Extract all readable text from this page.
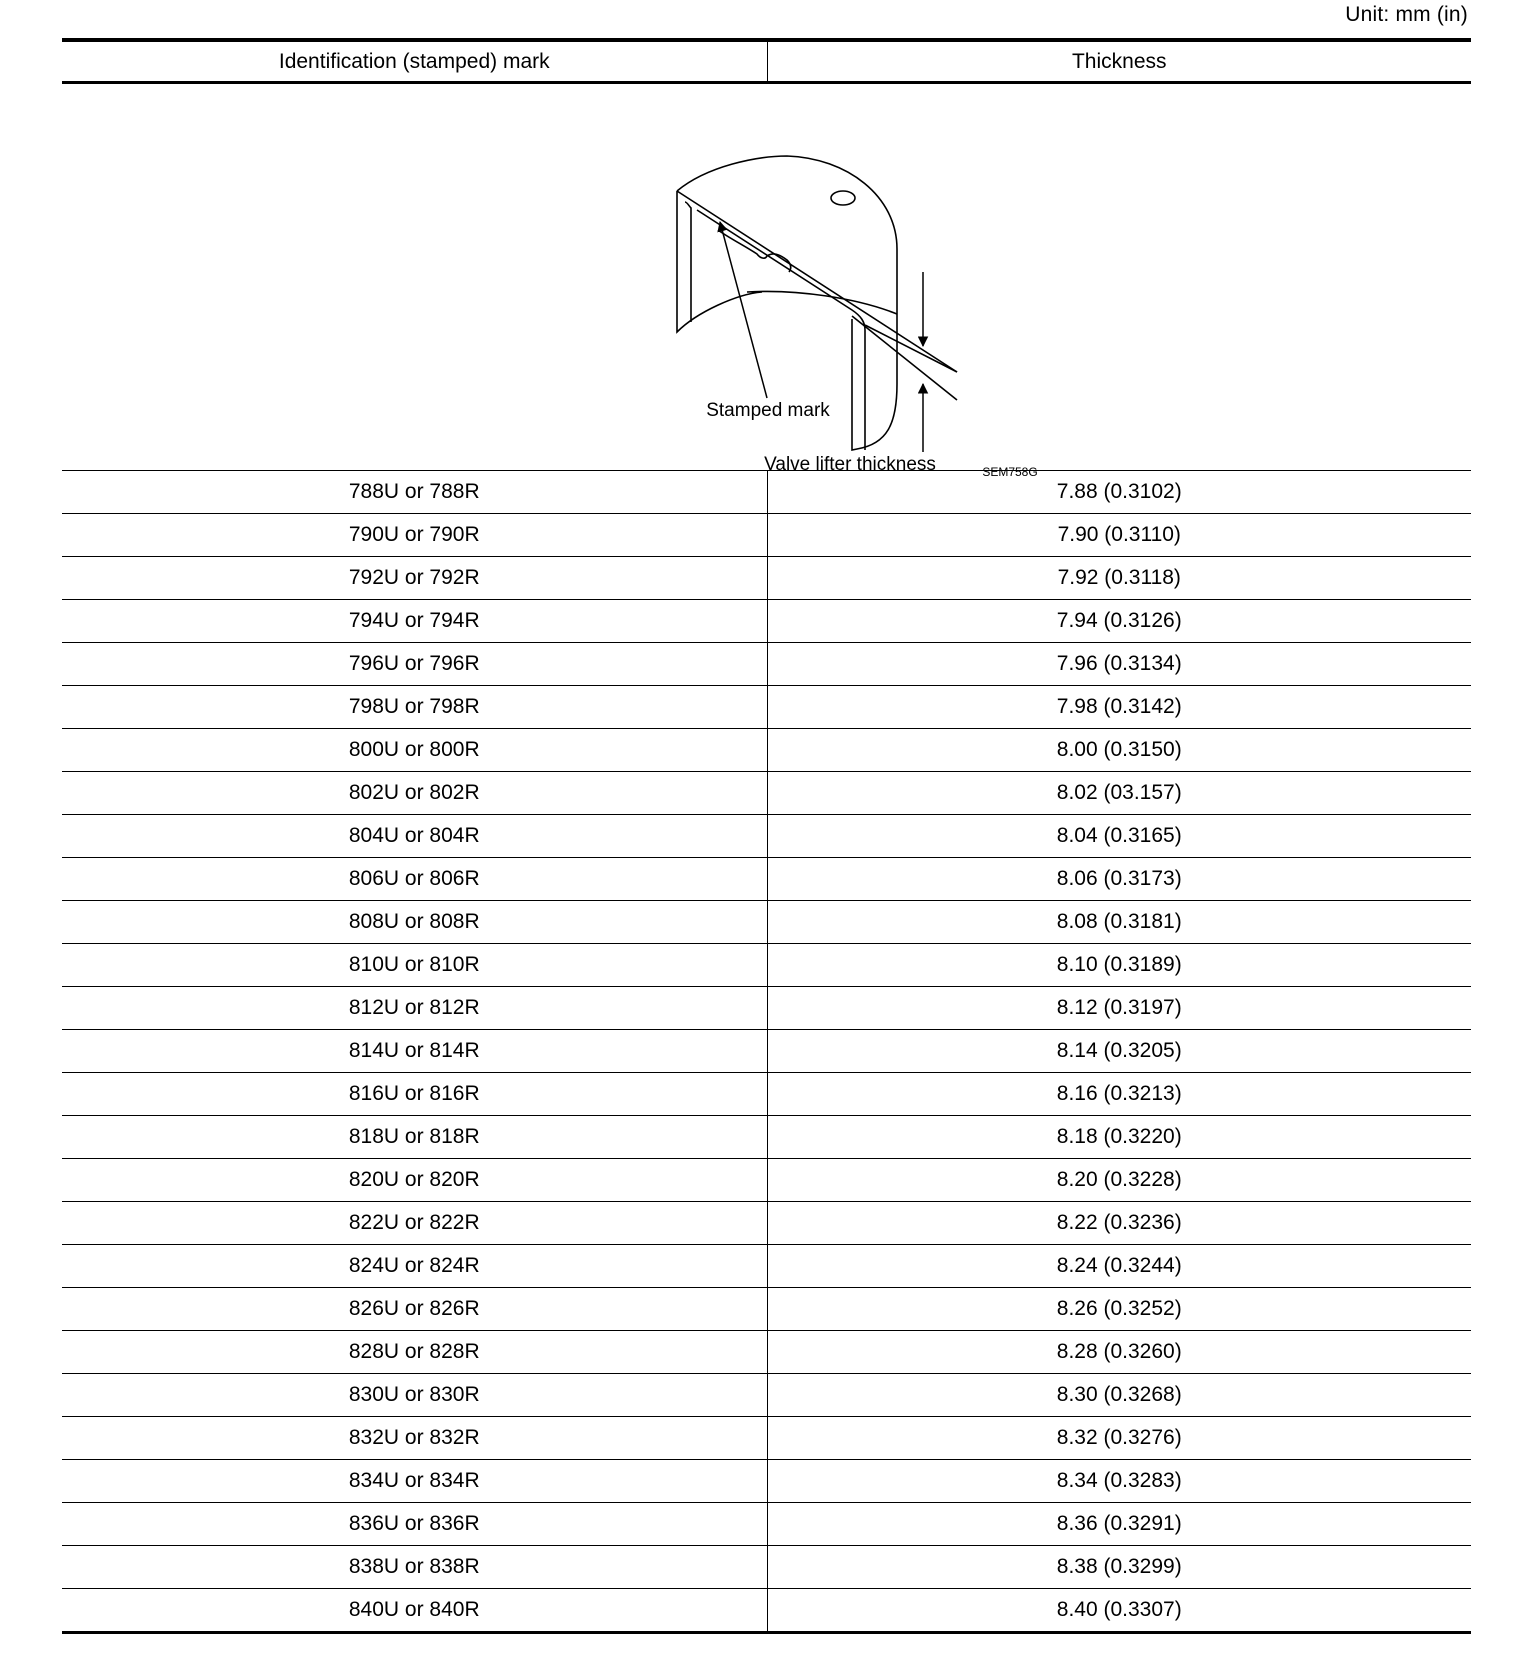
Unit: mm (in)
Identification (stamped) mark	Thickness

Stamped mark
Valve lifter thickness SEM758G	

788U or 788R	7.88 (0.3102)
790U or 790R	7.90 (0.3110)
792U or 792R	7.92 (0.3118)
794U or 794R	7.94 (0.3126)
796U or 796R	7.96 (0.3134)
798U or 798R	7.98 (0.3142)
800U or 800R	8.00 (0.3150)
802U or 802R	8.02 (03.157)
804U or 804R	8.04 (0.3165)
806U or 806R	8.06 (0.3173)
808U or 808R	8.08 (0.3181)
810U or 810R	8.10 (0.3189)
812U or 812R	8.12 (0.3197)
814U or 814R	8.14 (0.3205)
816U or 816R	8.16 (0.3213)
818U or 818R	8.18 (0.3220)
820U or 820R	8.20 (0.3228)
822U or 822R	8.22 (0.3236)
824U or 824R	8.24 (0.3244)
826U or 826R	8.26 (0.3252)
828U or 828R	8.28 (0.3260)
830U or 830R	8.30 (0.3268)
832U or 832R	8.32 (0.3276)
834U or 834R	8.34 (0.3283)
836U or 836R	8.36 (0.3291)
838U or 838R	8.38 (0.3299)
840U or 840R	8.40 (0.3307)
